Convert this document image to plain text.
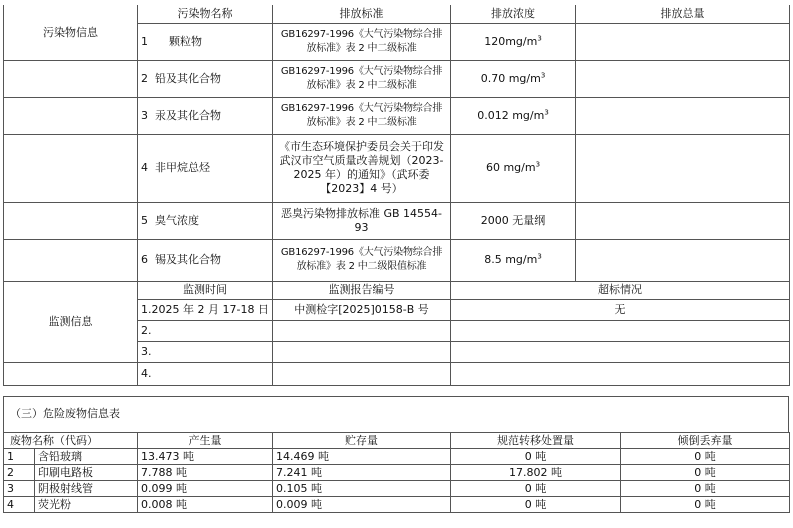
	污染物名称	排放标准	排放浓度	排放总量
污染物信息	1 颗粒物	GB16297-1996《大气污染物综合排放标准》表 2 中二级标准	$120mg/m^3$	
	2 铅及其化合物	GB16297-1996《大气污染物综合排放标准》表 2 中二级标准	0.70 $mg/m^3$	
	3 汞及其化合物	GB16297-1996《大气污染物综合排放标准》表 2 中二级标准	0.012 $mg/m^3$	
	4 非甲烷总烃	《市生态环境保护委员会关于印发武汉市空气质量改善规划（2023-2025 年）的通知》（武环委【2023】4 号）	60 $mg/m^3$	
	5 臭气浓度	恶臭污染物排放标准 GB 14554-93	2000 无量纲	
	6 锡及其化合物	GB16297-1996《大气污染物综合排放标准》表 2 中二级限值标准	8.5 $mg/m^3$	
监测信息	监测时间	监测报告编号	超标情况	
	1.2025 年 2 月 17-18 日	中测检字[2025]0158-B 号	无	
	2.			
	3.			
	4.			
（三）危险废物信息表
废物名称（代码）		产生量	贮存量	规范转移处置量	倾倒丢弃量
1	含铅玻璃	13.473 吨	14.469 吨	0 吨	0 吨
2	印刷电路板	7.788 吨	7.241 吨	17.802 吨	0 吨
3	阴极射线管	0.099 吨	0.105 吨	0 吨	0 吨
4	荧光粉	0.008 吨	0.009 吨	0 吨	0 吨
